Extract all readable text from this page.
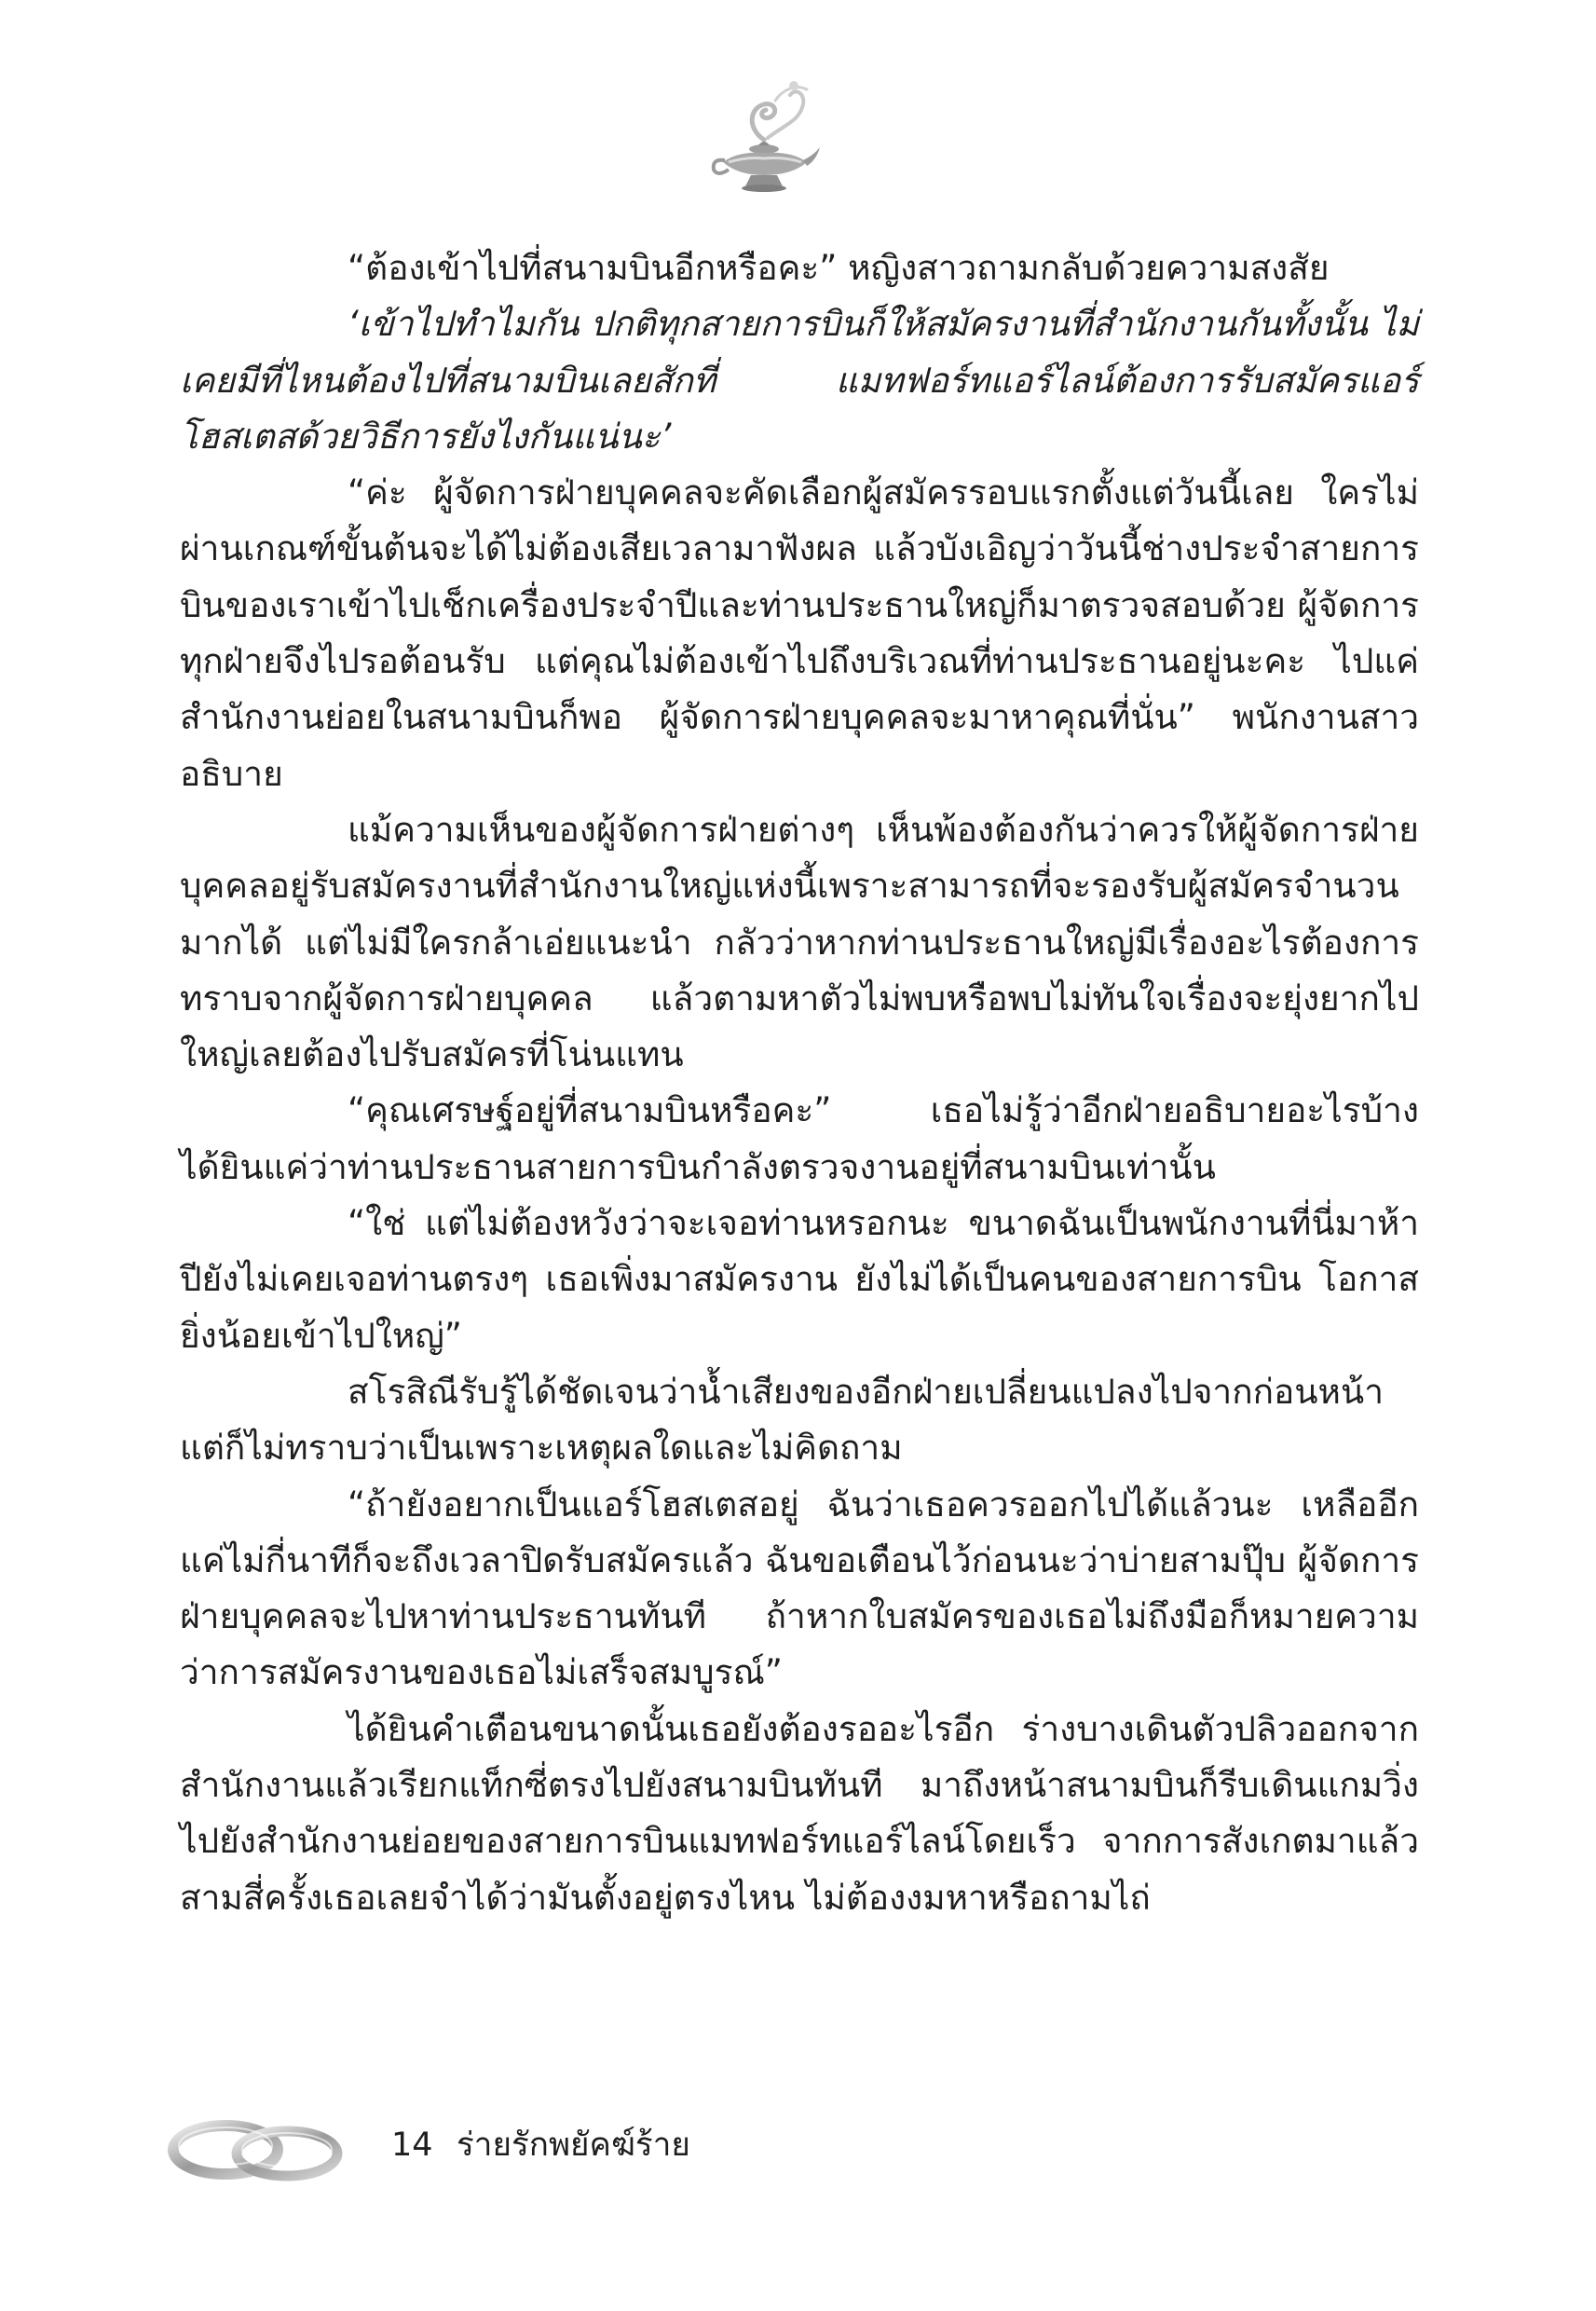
“ต้องเข้าไปที่สนามบินอีกหรือคะ” หญิงสาวถามกลับด้วยความสงสัย

‘เข้าไปทำไมกัน ปกติทุกสายการบินก็ให้สมัครงานที่สำนักงานกันทั้งนั้น ไม่เคยมีที่ไหนต้องไปที่สนามบินเลยสักที่ แมทฟอร์ทแอร์ไลน์ต้องการรับสมัครแอร์โฮสเตสด้วยวิธีการยังไงกันแน่นะ’

“ค่ะ ผู้จัดการฝ่ายบุคคลจะคัดเลือกผู้สมัครรอบแรกตั้งแต่วันนี้เลย ใครไม่ผ่านเกณฑ์ขั้นต้นจะได้ไม่ต้องเสียเวลามาฟังผล แล้วบังเอิญว่าวันนี้ช่างประจำสายการบินของเราเข้าไปเช็กเครื่องประจำปีและท่านประธานใหญ่ก็มาตรวจสอบด้วย ผู้จัดการทุกฝ่ายจึงไปรอต้อนรับ แต่คุณไม่ต้องเข้าไปถึงบริเวณที่ท่านประธานอยู่นะคะ ไปแค่สำนักงานย่อยในสนามบินก็พอ ผู้จัดการฝ่ายบุคคลจะมาหาคุณที่นั่น” พนักงานสาวอธิบาย

แม้ความเห็นของผู้จัดการฝ่ายต่างๆ เห็นพ้องต้องกันว่าควรให้ผู้จัดการฝ่ายบุคคลอยู่รับสมัครงานที่สำนักงานใหญ่แห่งนี้เพราะสามารถที่จะรองรับผู้สมัครจำนวนมากได้ แต่ไม่มีใครกล้าเอ่ยแนะนำ กลัวว่าหากท่านประธานใหญ่มีเรื่องอะไรต้องการทราบจากผู้จัดการฝ่ายบุคคล แล้วตามหาตัวไม่พบหรือพบไม่ทันใจเรื่องจะยุ่งยากไปใหญ่เลยต้องไปรับสมัครที่โน่นแทน

“คุณเศรษฐ์อยู่ที่สนามบินหรือคะ” เธอไม่รู้ว่าอีกฝ่ายอธิบายอะไรบ้าง ได้ยินแค่ว่าท่านประธานสายการบินกำลังตรวจงานอยู่ที่สนามบินเท่านั้น

“ใช่ แต่ไม่ต้องหวังว่าจะเจอท่านหรอกนะ ขนาดฉันเป็นพนักงานที่นี่มาห้าปียังไม่เคยเจอท่านตรงๆ เธอเพิ่งมาสมัครงาน ยังไม่ได้เป็นคนของสายการบิน โอกาสยิ่งน้อยเข้าไปใหญ่”

สโรสิณีรับรู้ได้ชัดเจนว่าน้ำเสียงของอีกฝ่ายเปลี่ยนแปลงไปจากก่อนหน้า แต่ก็ไม่ทราบว่าเป็นเพราะเหตุผลใดและไม่คิดถาม

“ถ้ายังอยากเป็นแอร์โฮสเตสอยู่ ฉันว่าเธอควรออกไปได้แล้วนะ เหลืออีกแค่ไม่กี่นาทีก็จะถึงเวลาปิดรับสมัครแล้ว ฉันขอเตือนไว้ก่อนนะว่าบ่ายสามปุ๊บ ผู้จัดการฝ่ายบุคคลจะไปหาท่านประธานทันที ถ้าหากใบสมัครของเธอไม่ถึงมือก็หมายความว่าการสมัครงานของเธอไม่เสร็จสมบูรณ์”

ได้ยินคำเตือนขนาดนั้นเธอยังต้องรออะไรอีก ร่างบางเดินตัวปลิวออกจากสำนักงานแล้วเรียกแท็กซี่ตรงไปยังสนามบินทันที มาถึงหน้าสนามบินก็รีบเดินแกมวิ่งไปยังสำนักงานย่อยของสายการบินแมทฟอร์ทแอร์ไลน์โดยเร็ว จากการสังเกตมาแล้วสามสี่ครั้งเธอเลยจำได้ว่ามันตั้งอยู่ตรงไหน ไม่ต้องงมหาหรือถามไถ่

14 ร่ายรักพยัคฆ์ร้าย
